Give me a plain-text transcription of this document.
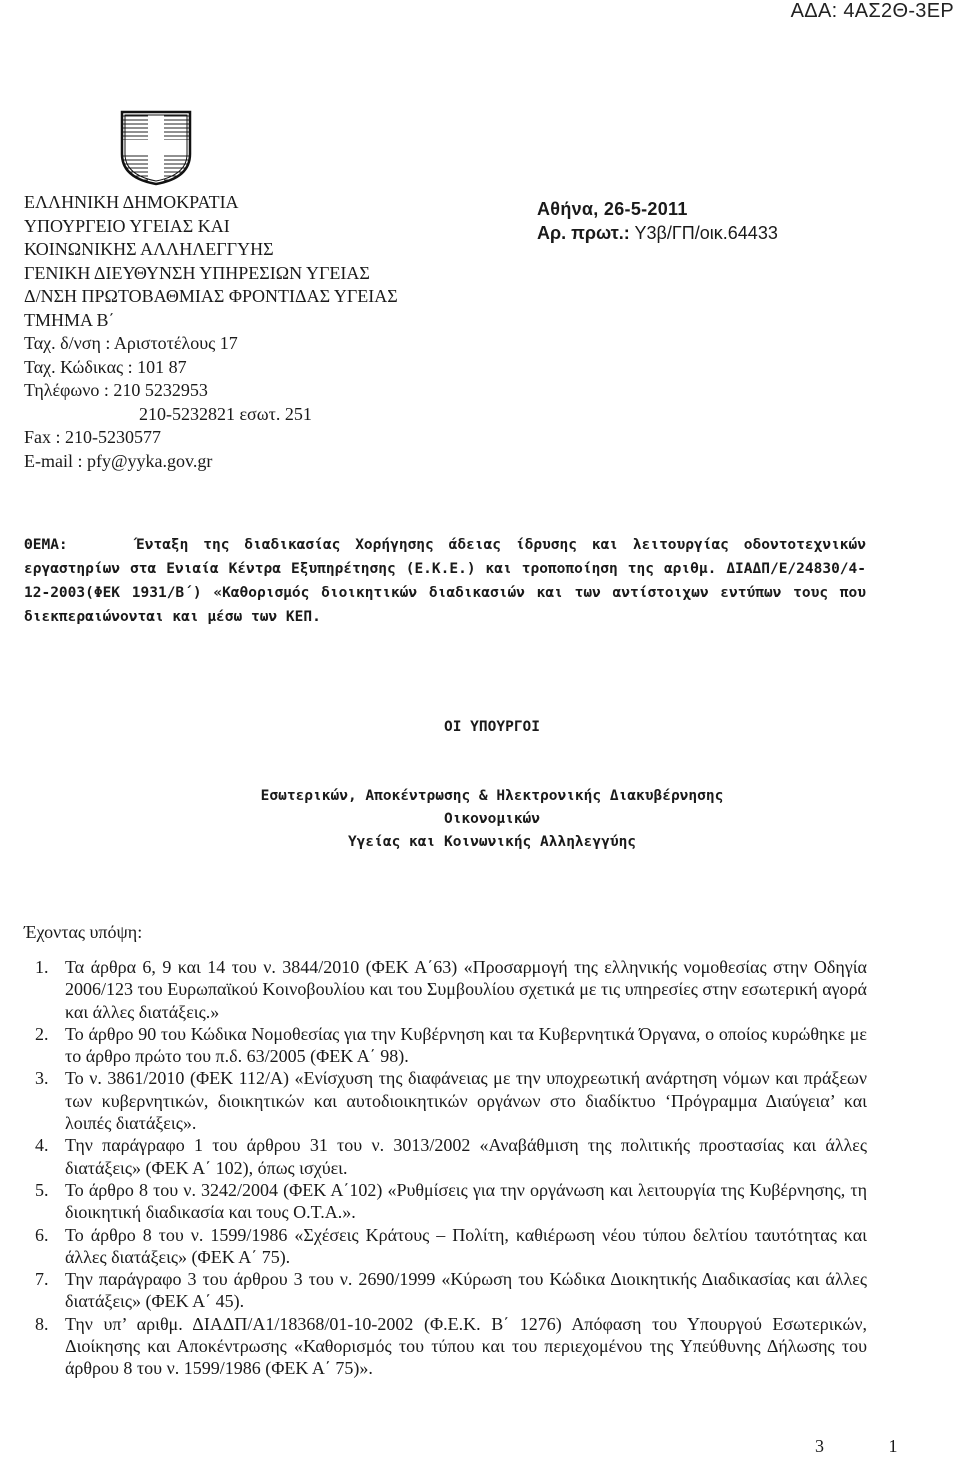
ΑΔΑ: 4ΑΣ2Θ-3ΕΡ
ΕΛΛΗΝΙΚΗ ΔΗΜΟΚΡΑΤΙΑ
ΥΠΟΥΡΓΕΙΟ ΥΓΕΙΑΣ ΚΑΙ
ΚΟΙΝΩΝΙΚΗΣ ΑΛΛΗΛΕΓΓΥΗΣ
ΓΕΝΙΚΗ ΔΙΕΥΘΥΝΣΗ ΥΠΗΡΕΣΙΩΝ ΥΓΕΙΑΣ
Δ/ΝΣΗ ΠΡΩΤΟΒΑΘΜΙΑΣ ΦΡΟΝΤΙΔΑΣ ΥΓΕΙΑΣ
ΤΜΗΜΑ Β΄
Ταχ. δ/νση : Αριστοτέλους 17
Ταχ. Κώδικας : 101 87
Τηλέφωνο : 210 5232953
210-5232821 εσωτ. 251
Fax : 210-5230577
E-mail : pfy@yyka.gov.gr
Αθήνα, 26-5-2011
Αρ. πρωτ.: Υ3β/ΓΠ/οικ.64433
ΘΕΜΑ:	Ένταξη της διαδικασίας Χορήγησης άδειας ίδρυσης και λειτουργίας οδοντοτεχνικών εργαστηρίων στα Ενιαία Κέντρα Εξυπηρέτησης (Ε.Κ.Ε.) και τροποποίηση της αριθμ. ΔΙΑΔΠ/Ε/24830/4-12-2003(ΦΕΚ 1931/Β΄) «Καθορισμός διοικητικών διαδικασιών και των αντίστοιχων εντύπων τους που διεκπεραιώνονται και μέσω των ΚΕΠ.
ΟΙ ΥΠΟΥΡΓΟΙ
Εσωτερικών, Αποκέντρωσης & Ηλεκτρονικής Διακυβέρνησης
Οικονομικών
Υγείας και Κοινωνικής Αλληλεγγύης
Έχοντας υπόψη:
1. Τα άρθρα 6, 9 και 14 του ν. 3844/2010 (ΦΕΚ Α΄63) «Προσαρμογή της ελληνικής νομοθεσίας στην Οδηγία 2006/123 του Ευρωπαϊκού Κοινοβουλίου και του Συμβουλίου σχετικά με τις υπηρεσίες στην εσωτερική αγορά και άλλες διατάξεις.»
2. Το άρθρο 90 του Κώδικα Νομοθεσίας για την Κυβέρνηση και τα Κυβερνητικά Όργανα, ο οποίος κυρώθηκε με το άρθρο πρώτο του π.δ. 63/2005 (ΦΕΚ Α΄ 98).
3. Το ν. 3861/2010 (ΦΕΚ 112/Α) «Ενίσχυση της διαφάνειας με την υποχρεωτική ανάρτηση νόμων και πράξεων των κυβερνητικών, διοικητικών και αυτοδιοικητικών οργάνων στο διαδίκτυο ‘Πρόγραμμα Διαύγεια’ και λοιπές διατάξεις».
4. Την παράγραφο 1 του άρθρου 31 του ν. 3013/2002 «Αναβάθμιση της πολιτικής προστασίας και άλλες διατάξεις» (ΦΕΚ Α΄ 102), όπως ισχύει.
5. Το άρθρο 8 του ν. 3242/2004 (ΦΕΚ Α΄102) «Ρυθμίσεις για την οργάνωση και λειτουργία της Κυβέρνησης, τη διοικητική διαδικασία και τους Ο.Τ.Α.».
6. Το άρθρο 8 του ν. 1599/1986 «Σχέσεις Κράτους – Πολίτη, καθιέρωση νέου τύπου δελτίου ταυτότητας και άλλες διατάξεις» (ΦΕΚ Α΄ 75).
7. Την παράγραφο 3 του άρθρου 3 του ν. 2690/1999 «Κύρωση του Κώδικα Διοικητικής Διαδικασίας και άλλες διατάξεις» (ΦΕΚ Α΄ 45).
8. Την υπ’ αριθμ. ΔΙΑΔΠ/Α1/18368/01-10-2002 (Φ.Ε.Κ. Β΄ 1276) Απόφαση του Υπουργού Εσωτερικών, Διοίκησης και Αποκέντρωσης «Καθορισμός του τύπου και του περιεχομένου της Υπεύθυνης Δήλωσης του άρθρου 8 του ν. 1599/1986 (ΦΕΚ Α΄ 75)».
3 1
